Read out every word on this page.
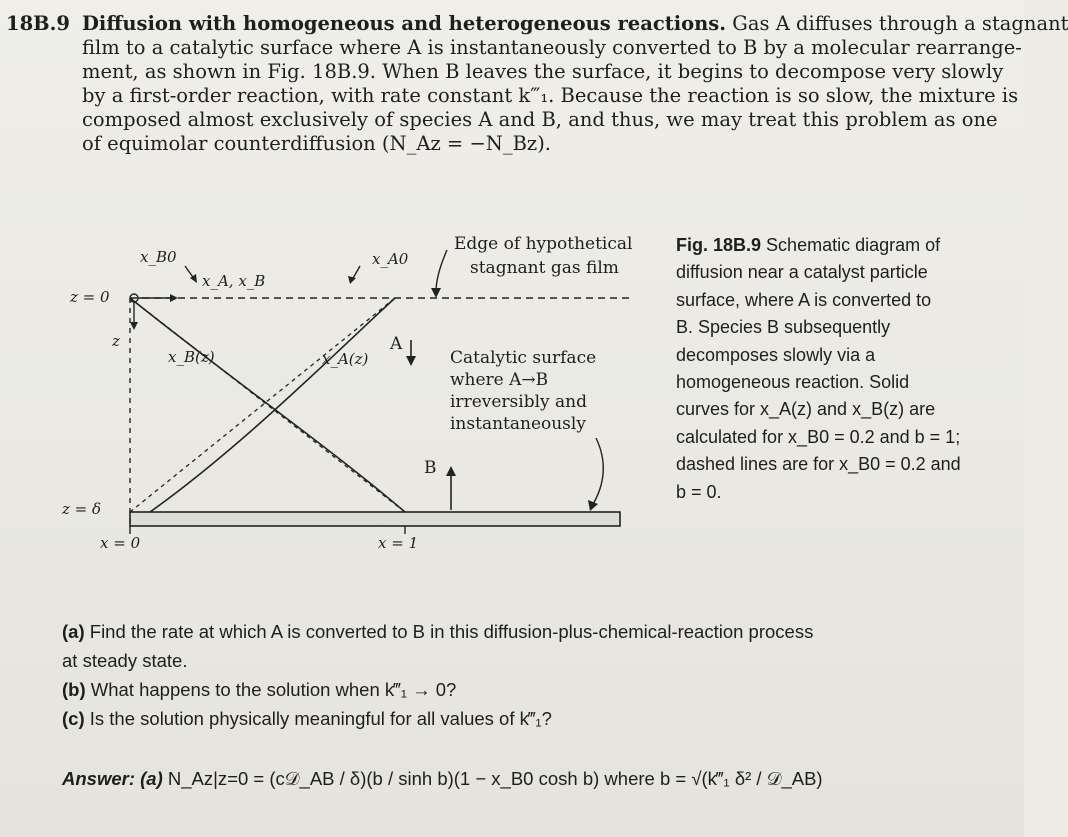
18B.9 Diffusion with homogeneous and heterogeneous reactions. Gas A diffuses through a stagnant
film to a catalytic surface where A is instantaneously converted to B by a molecular rearrange-
ment, as shown in Fig. 18B.9. When B leaves the surface, it begins to decompose very slowly
by a first-order reaction, with rate constant k‴₁. Because the reaction is so slow, the mixture is
composed almost exclusively of species A and B, and thus, we may treat this problem as one
of equimolar counterdiffusion (N_Az = −N_Bz).
x_B0	x_A0
x_A, x_B
z = 0
z
x_B(z)	x_A(z)
A
B
z = δ
x = 0	x = 1
Edge of hypothetical
stagnant gas film
Catalytic surface
where A→B
irreversibly and
instantaneously
Fig. 18B.9 Schematic diagram of
diffusion near a catalyst particle
surface, where A is converted to
B. Species B subsequently
decomposes slowly via a
homogeneous reaction. Solid
curves for x_A(z) and x_B(z) are
calculated for x_B0 = 0.2 and b = 1;
dashed lines are for x_B0 = 0.2 and
b = 0.
(a) Find the rate at which A is converted to B in this diffusion-plus-chemical-reaction process
at steady state.
(b) What happens to the solution when k‴₁ → 0?
(c) Is the solution physically meaningful for all values of k‴₁?
Answer: (a) N_Az|z=0 = (c𝒟_AB / δ)(b / sinh b)(1 − x_B0 cosh b) where b = √(k‴₁ δ² / 𝒟_AB)
